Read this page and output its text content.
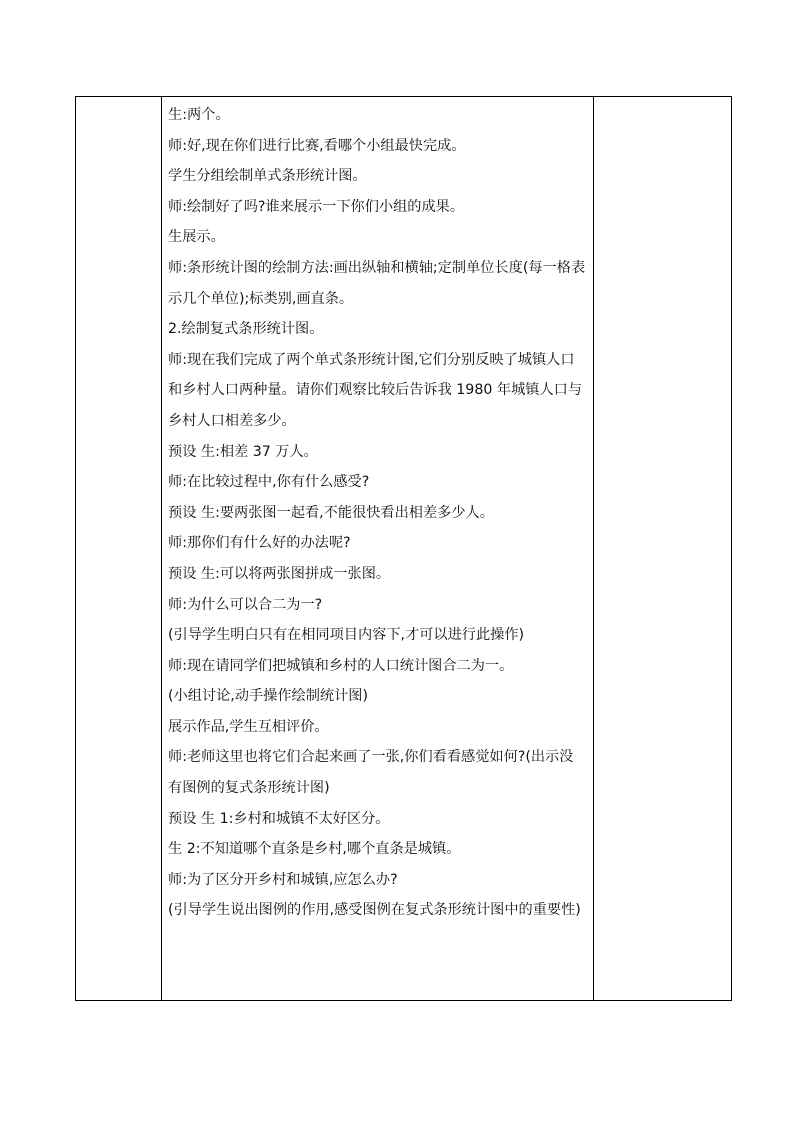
生:两个。

师:好,现在你们进行比赛,看哪个小组最快完成。

学生分组绘制单式条形统计图。

师:绘制好了吗?谁来展示一下你们小组的成果。

生展示。

师:条形统计图的绘制方法:画出纵轴和横轴;定制单位长度(每一格表示几个单位);标类别,画直条。

2.绘制复式条形统计图。

师:现在我们完成了两个单式条形统计图,它们分别反映了城镇人口和乡村人口两种量。请你们观察比较后告诉我 1980 年城镇人口与乡村人口相差多少。

预设 生:相差 37 万人。

师:在比较过程中,你有什么感受?

预设 生:要两张图一起看,不能很快看出相差多少人。

师:那你们有什么好的办法呢?

预设 生:可以将两张图拼成一张图。

师:为什么可以合二为一?

(引导学生明白只有在相同项目内容下,才可以进行此操作)

师:现在请同学们把城镇和乡村的人口统计图合二为一。

(小组讨论,动手操作绘制统计图)

展示作品,学生互相评价。

师:老师这里也将它们合起来画了一张,你们看看感觉如何?(出示没有图例的复式条形统计图)

预设 生 1:乡村和城镇不太好区分。

生 2:不知道哪个直条是乡村,哪个直条是城镇。

师:为了区分开乡村和城镇,应怎么办?

(引导学生说出图例的作用,感受图例在复式条形统计图中的重要性)
